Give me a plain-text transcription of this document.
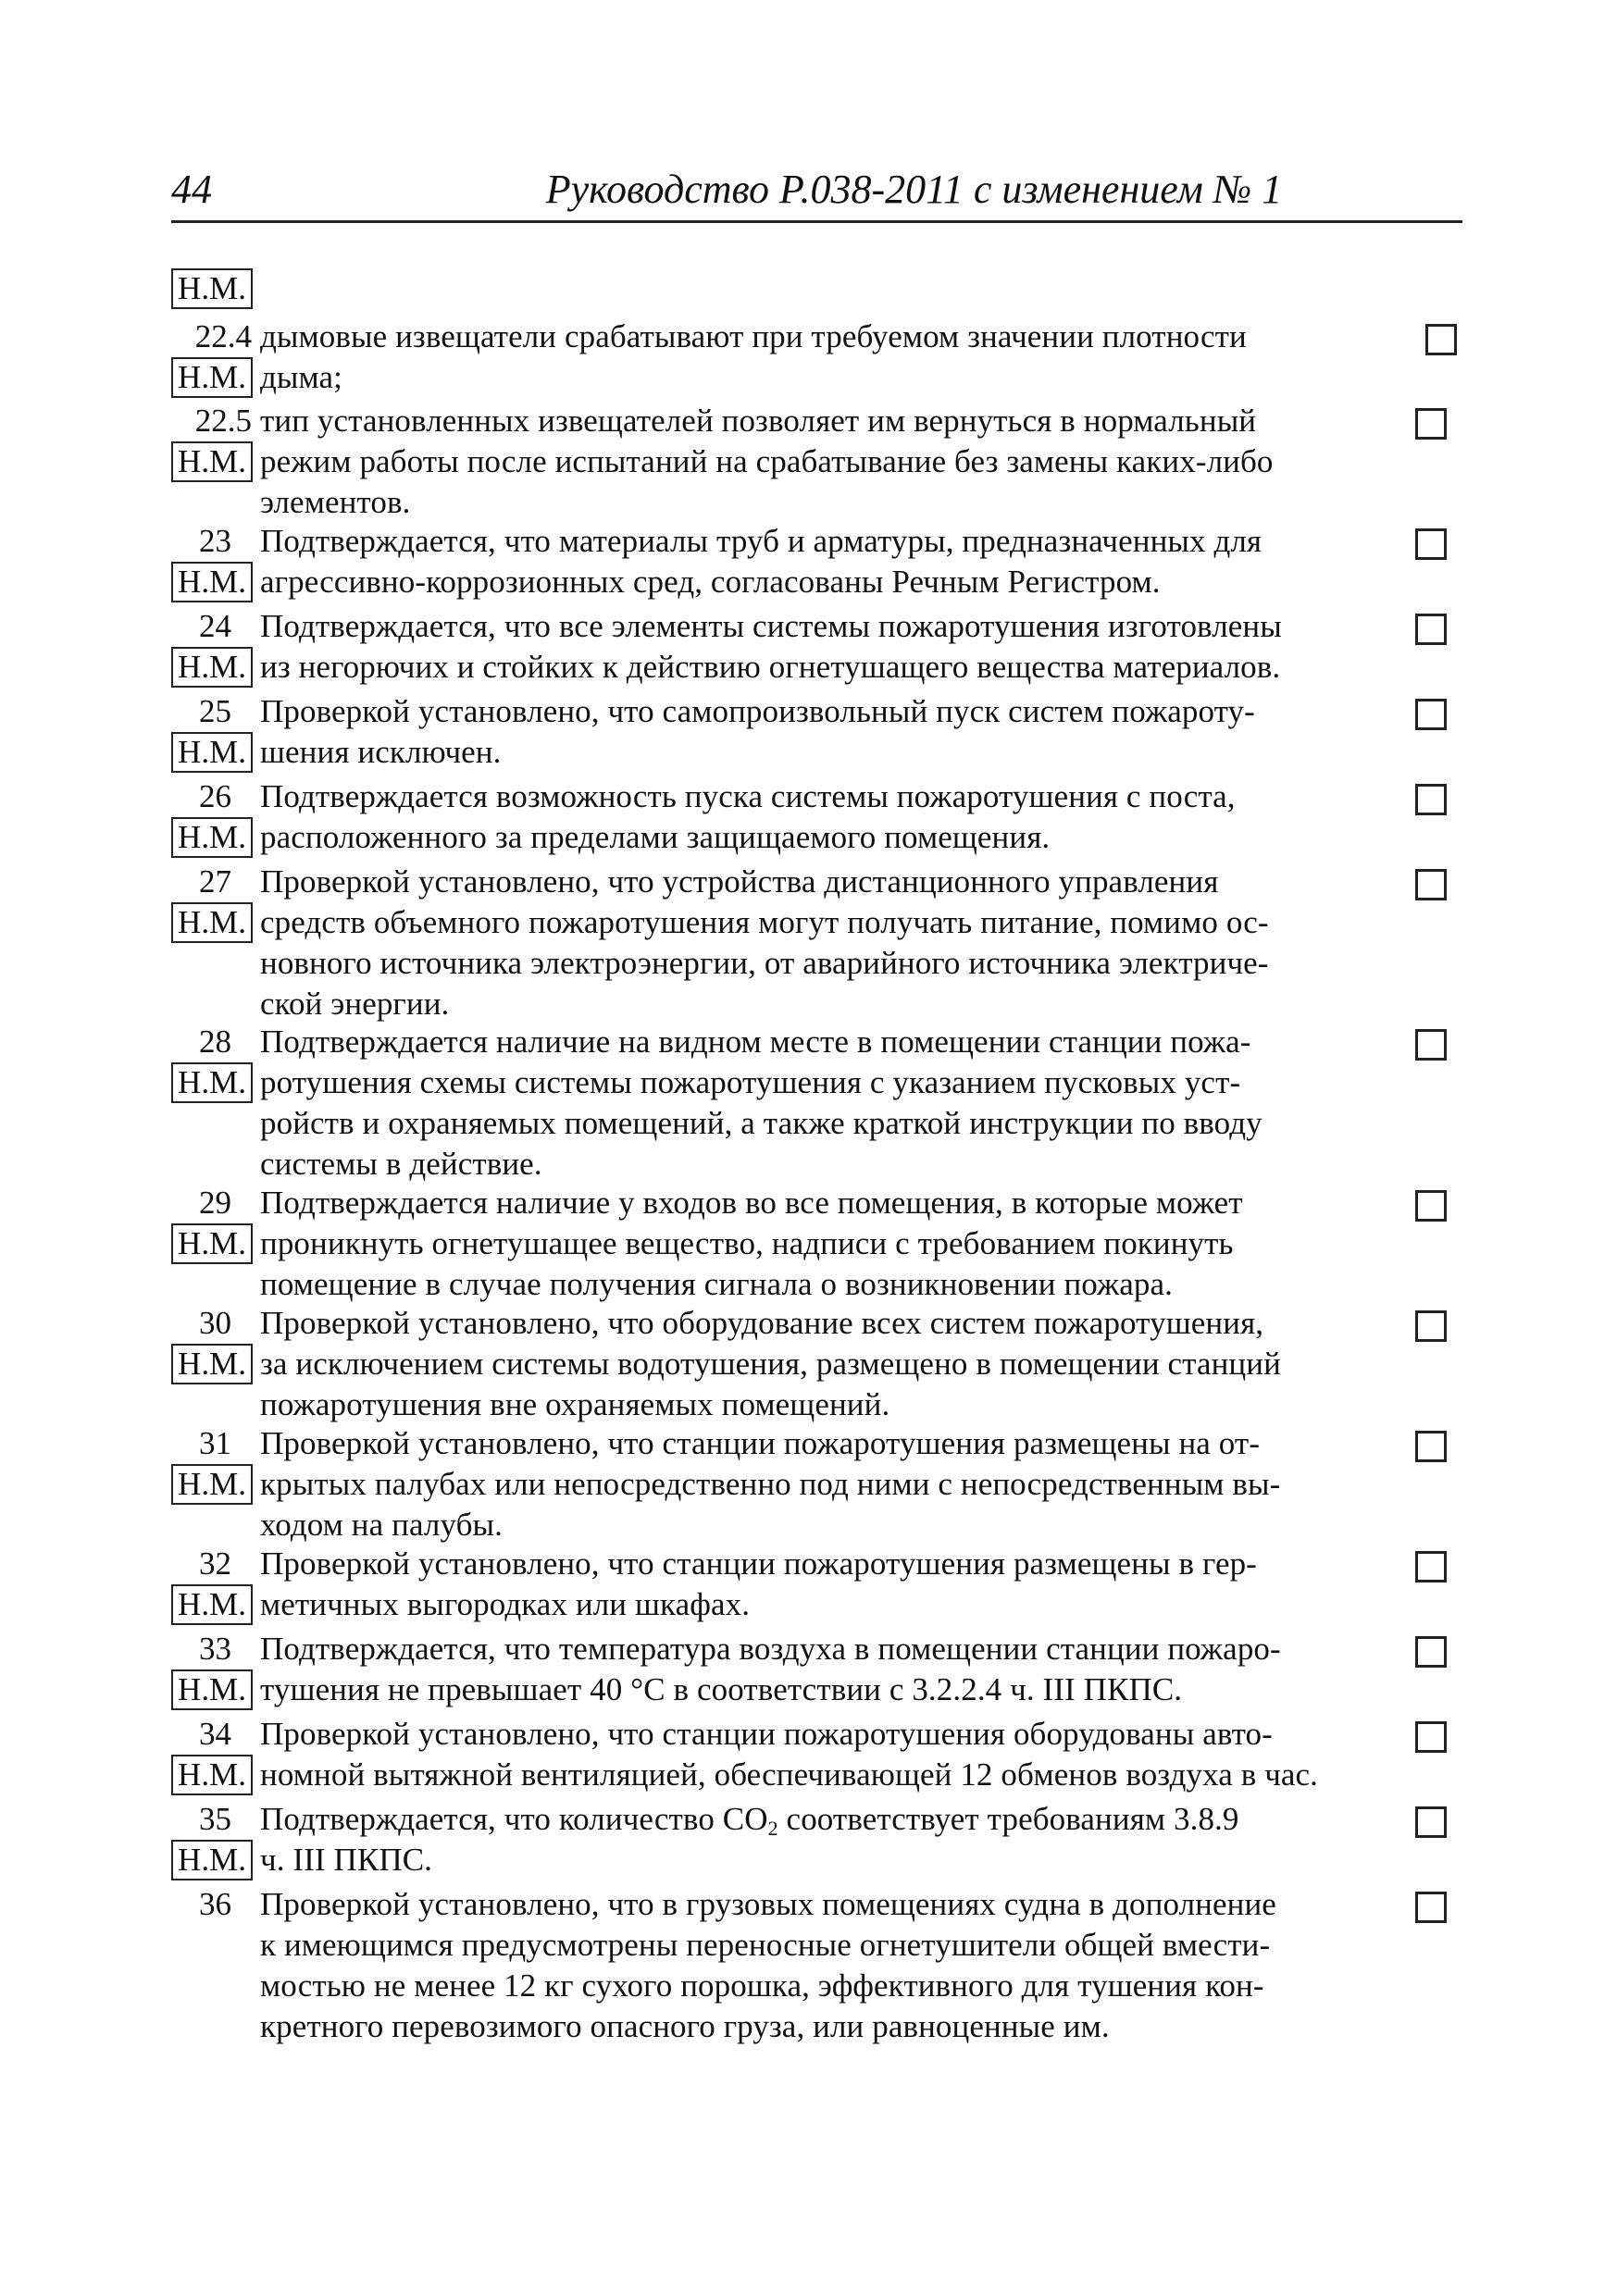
44	Руководство Р.038-2011 с изменением № 1
Н.М.
22.4 дымовые извещатели срабатывают при требуемом значении плотности
Н.М. дыма;
22.5 тип установленных извещателей позволяет им вернуться в нормальный
Н.М. режим работы после испытаний на срабатывание без замены каких-либо
элементов.
23 Подтверждается, что материалы труб и арматуры, предназначенных для
Н.М. агрессивно-коррозионных сред, согласованы Речным Регистром.
24 Подтверждается, что все элементы системы пожаротушения изготовлены
Н.М. из негорючих и стойких к действию огнетушащего вещества материалов.
25 Проверкой установлено, что самопроизвольный пуск систем пожароту-
Н.М. шения исключен.
26 Подтверждается возможность пуска системы пожаротушения с поста,
Н.М. расположенного за пределами защищаемого помещения.
27 Проверкой установлено, что устройства дистанционного управления
Н.М. средств объемного пожаротушения могут получать питание, помимо ос-
новного источника электроэнергии, от аварийного источника электриче-
ской энергии.
28 Подтверждается наличие на видном месте в помещении станции пожа-
Н.М. ротушения схемы системы пожаротушения с указанием пусковых уст-
ройств и охраняемых помещений, а также краткой инструкции по вводу
системы в действие.
29 Подтверждается наличие у входов во все помещения, в которые может
Н.М. проникнуть огнетушащее вещество, надписи с требованием покинуть
помещение в случае получения сигнала о возникновении пожара.
30 Проверкой установлено, что оборудование всех систем пожаротушения,
Н.М. за исключением системы водотушения, размещено в помещении станций
пожаротушения вне охраняемых помещений.
31 Проверкой установлено, что станции пожаротушения размещены на от-
Н.М. крытых палубах или непосредственно под ними с непосредственным вы-
ходом на палубы.
32 Проверкой установлено, что станции пожаротушения размещены в гер-
Н.М. метичных выгородках или шкафах.
33 Подтверждается, что температура воздуха в помещении станции пожаро-
Н.М. тушения не превышает 40 °С в соответствии с 3.2.2.4 ч. III ПКПС.
34 Проверкой установлено, что станции пожаротушения оборудованы авто-
Н.М. номной вытяжной вентиляцией, обеспечивающей 12 обменов воздуха в час.
35 Подтверждается, что количество $СО_2$ соответствует требованиям 3.8.9
Н.М. ч. III ПКПС.
36 Проверкой установлено, что в грузовых помещениях судна в дополнение
к имеющимся предусмотрены переносные огнетушители общей вмести-
мостью не менее 12 кг сухого порошка, эффективного для тушения кон-
кретного перевозимого опасного груза, или равноценные им.
